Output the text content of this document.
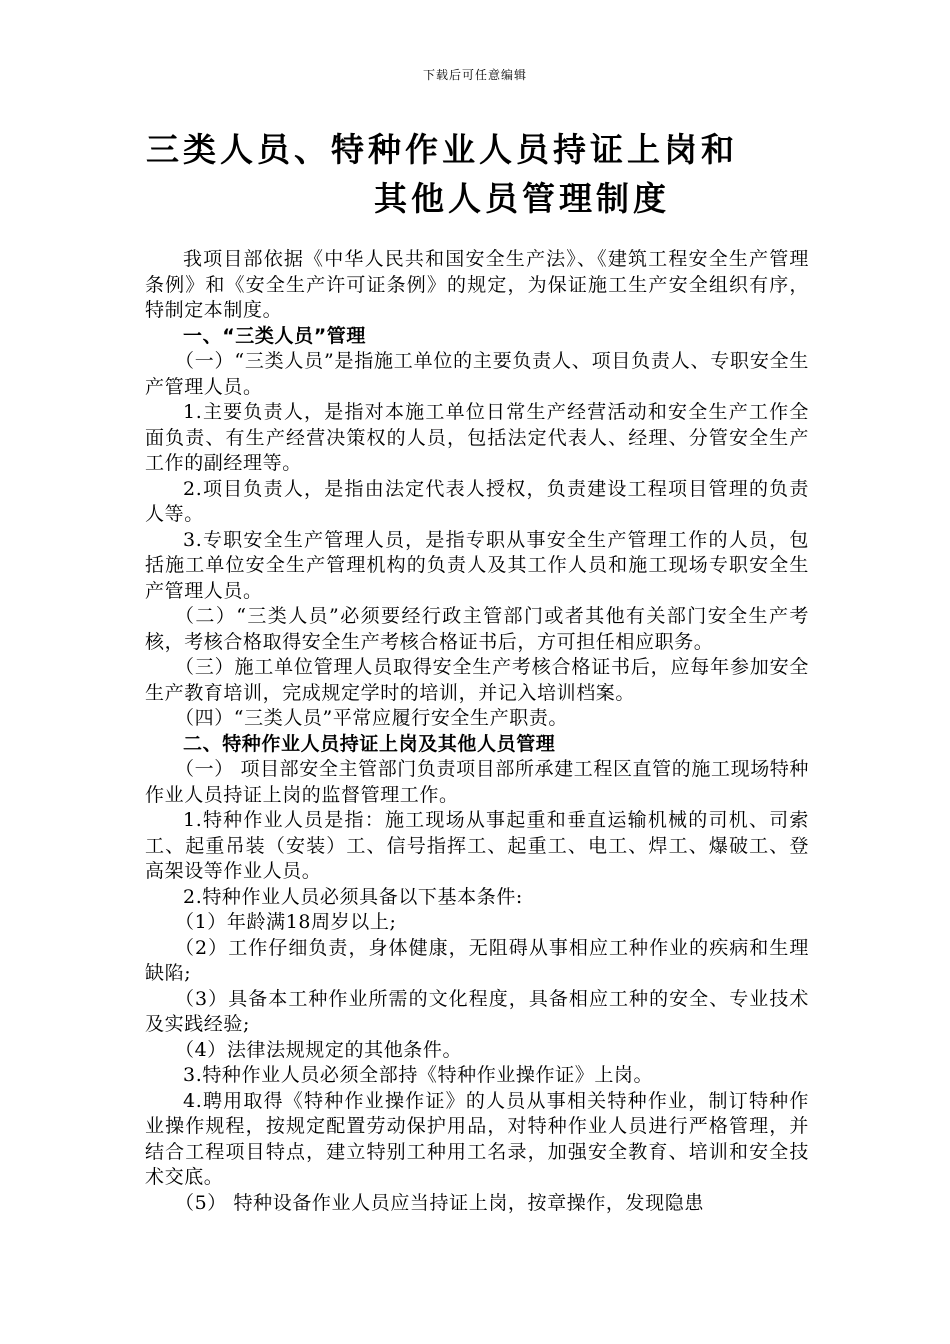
下载后可任意编辑
三类人员、特种作业人员持证上岗和
其他人员管理制度

我项目部依据《中华人民共和国安全生产法》、《建筑工程安全生产管理条例》和《安全生产许可证条例》的规定，为保证施工生产安全组织有序，特制定本制度。

一、“三类人员”管理

（一）“三类人员”是指施工单位的主要负责人、项目负责人、专职安全生产管理人员。

1.主要负责人，是指对本施工单位日常生产经营活动和安全生产工作全面负责、有生产经营决策权的人员，包括法定代表人、经理、分管安全生产工作的副经理等。

2.项目负责人，是指由法定代表人授权，负责建设工程项目管理的负责人等。

3.专职安全生产管理人员，是指专职从事安全生产管理工作的人员，包括施工单位安全生产管理机构的负责人及其工作人员和施工现场专职安全生产管理人员。

（二）“三类人员”必须要经行政主管部门或者其他有关部门安全生产考核，考核合格取得安全生产考核合格证书后，方可担任相应职务。

（三）施工单位管理人员取得安全生产考核合格证书后，应每年参加安全生产教育培训，完成规定学时的培训，并记入培训档案。

（四）“三类人员”平常应履行安全生产职责。

二、特种作业人员持证上岗及其他人员管理

（一） 项目部安全主管部门负责项目部所承建工程区直管的施工现场特种作业人员持证上岗的监督管理工作。

1.特种作业人员是指：施工现场从事起重和垂直运输机械的司机、司索工、起重吊装（安装）工、信号指挥工、起重工、电工、焊工、爆破工、登高架设等作业人员。

2.特种作业人员必须具备以下基本条件:

（1）年龄满18周岁以上;

（2）工作仔细负责，身体健康，无阻碍从事相应工种作业的疾病和生理缺陷;

（3）具备本工种作业所需的文化程度，具备相应工种的安全、专业技术及实践经验;

（4）法律法规规定的其他条件。

3.特种作业人员必须全部持《特种作业操作证》上岗。

4.聘用取得《特种作业操作证》的人员从事相关特种作业，制订特种作业操作规程，按规定配置劳动保护用品，对特种作业人员进行严格管理，并结合工程项目特点，建立特别工种用工名录，加强安全教育、培训和安全技术交底。

（5） 特种设备作业人员应当持证上岗，按章操作，发现隐患
